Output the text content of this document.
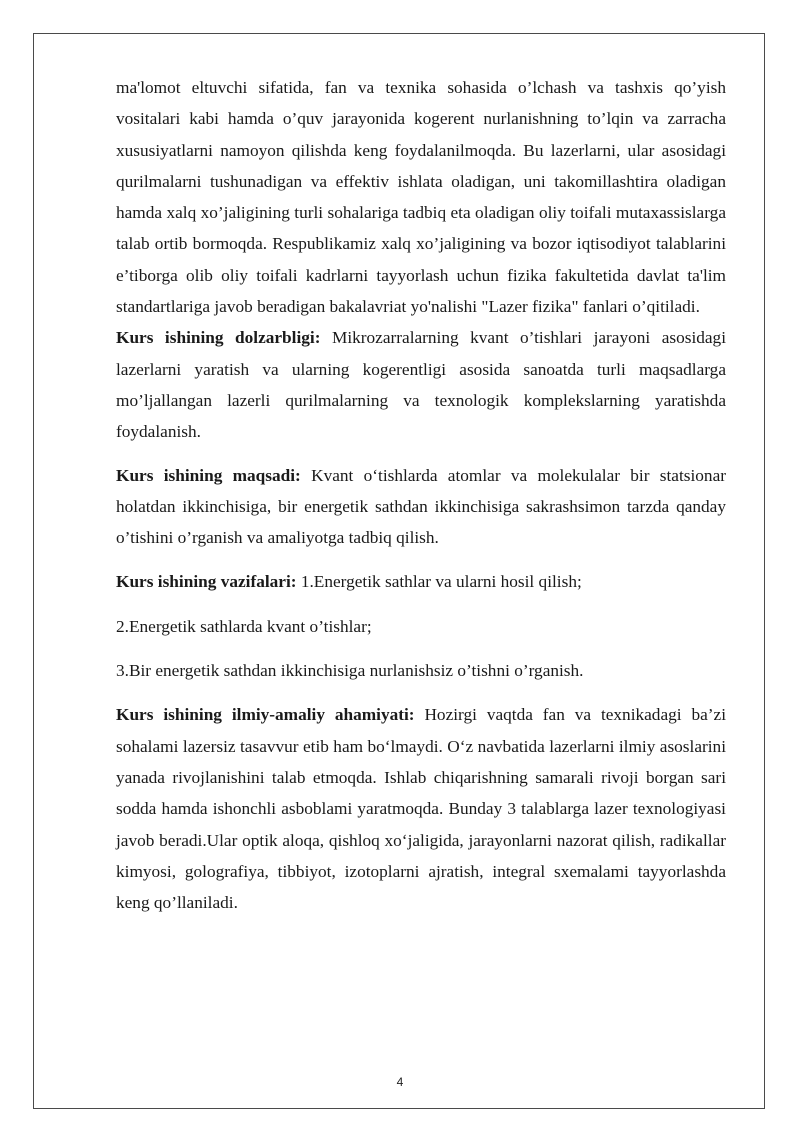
ma'lomot eltuvchi sifatida, fan va texnika sohasida o’lchash va tashxis qo’yish vositalari kabi hamda o’quv jarayonida kogerent nurlanishning to’lqin va zarracha xususiyatlarni namoyon qilishda keng foydalanilmoqda. Bu lazerlarni, ular asosidagi qurilmalarni tushunadigan va effektiv ishlata oladigan, uni takomillashtira oladigan hamda xalq xo’jaligining turli sohalariga tadbiq eta oladigan oliy toifali mutaxassislarga talab ortib bormoqda. Respublikamiz xalq xo’jaligining va bozor iqtisodiyot talablarini e’tiborga olib oliy toifali kadrlarni tayyorlash uchun fizika fakultetida davlat ta'lim standartlariga javob beradigan bakalavriat yo'nalishi "Lazer fizika" fanlari o’qitiladi.

Kurs ishining dolzarbligi: Mikrozarralarning kvant o’tishlari jarayoni asosidagi lazerlarni yaratish va ularning kogerentligi asosida sanoatda turli maqsadlarga mo’ljallangan lazerli qurilmalarning va texnologik komplekslarning yaratishda foydalanish.

Kurs ishining maqsadi: Kvant o‘tishlarda atomlar va molekulalar bir statsionar holatdan ikkinchisiga, bir energetik sathdan ikkinchisiga sakrashsimon tarzda qanday o’tishini o’rganish va amaliyotga tadbiq qilish.

Kurs ishining vazifalari: 1.Energetik sathlar va ularni hosil qilish;

2.Energetik sathlarda kvant o’tishlar;

3.Bir energetik sathdan ikkinchisiga nurlanishsiz o’tishni o’rganish.

Kurs ishining ilmiy-amaliy ahamiyati: Hozirgi vaqtda fan va texnikadagi ba’zi sohalami lazersiz tasavvur etib ham bo‘lmaydi. O‘z navbatida lazerlarni ilmiy asoslarini yanada rivojlanishini talab etmoqda. Ishlab chiqarishning samarali rivoji borgan sari sodda hamda ishonchli asboblami yaratmoqda. Bunday 3 talablarga lazer texnologiyasi javob beradi.Ular optik aloqa, qishloq xo‘jaligida, jarayonlarni nazorat qilish, radikallar kimyosi, golografiya, tibbiyot, izotoplarni ajratish, integral sxemalami tayyorlashda keng qo’llaniladi.

4
